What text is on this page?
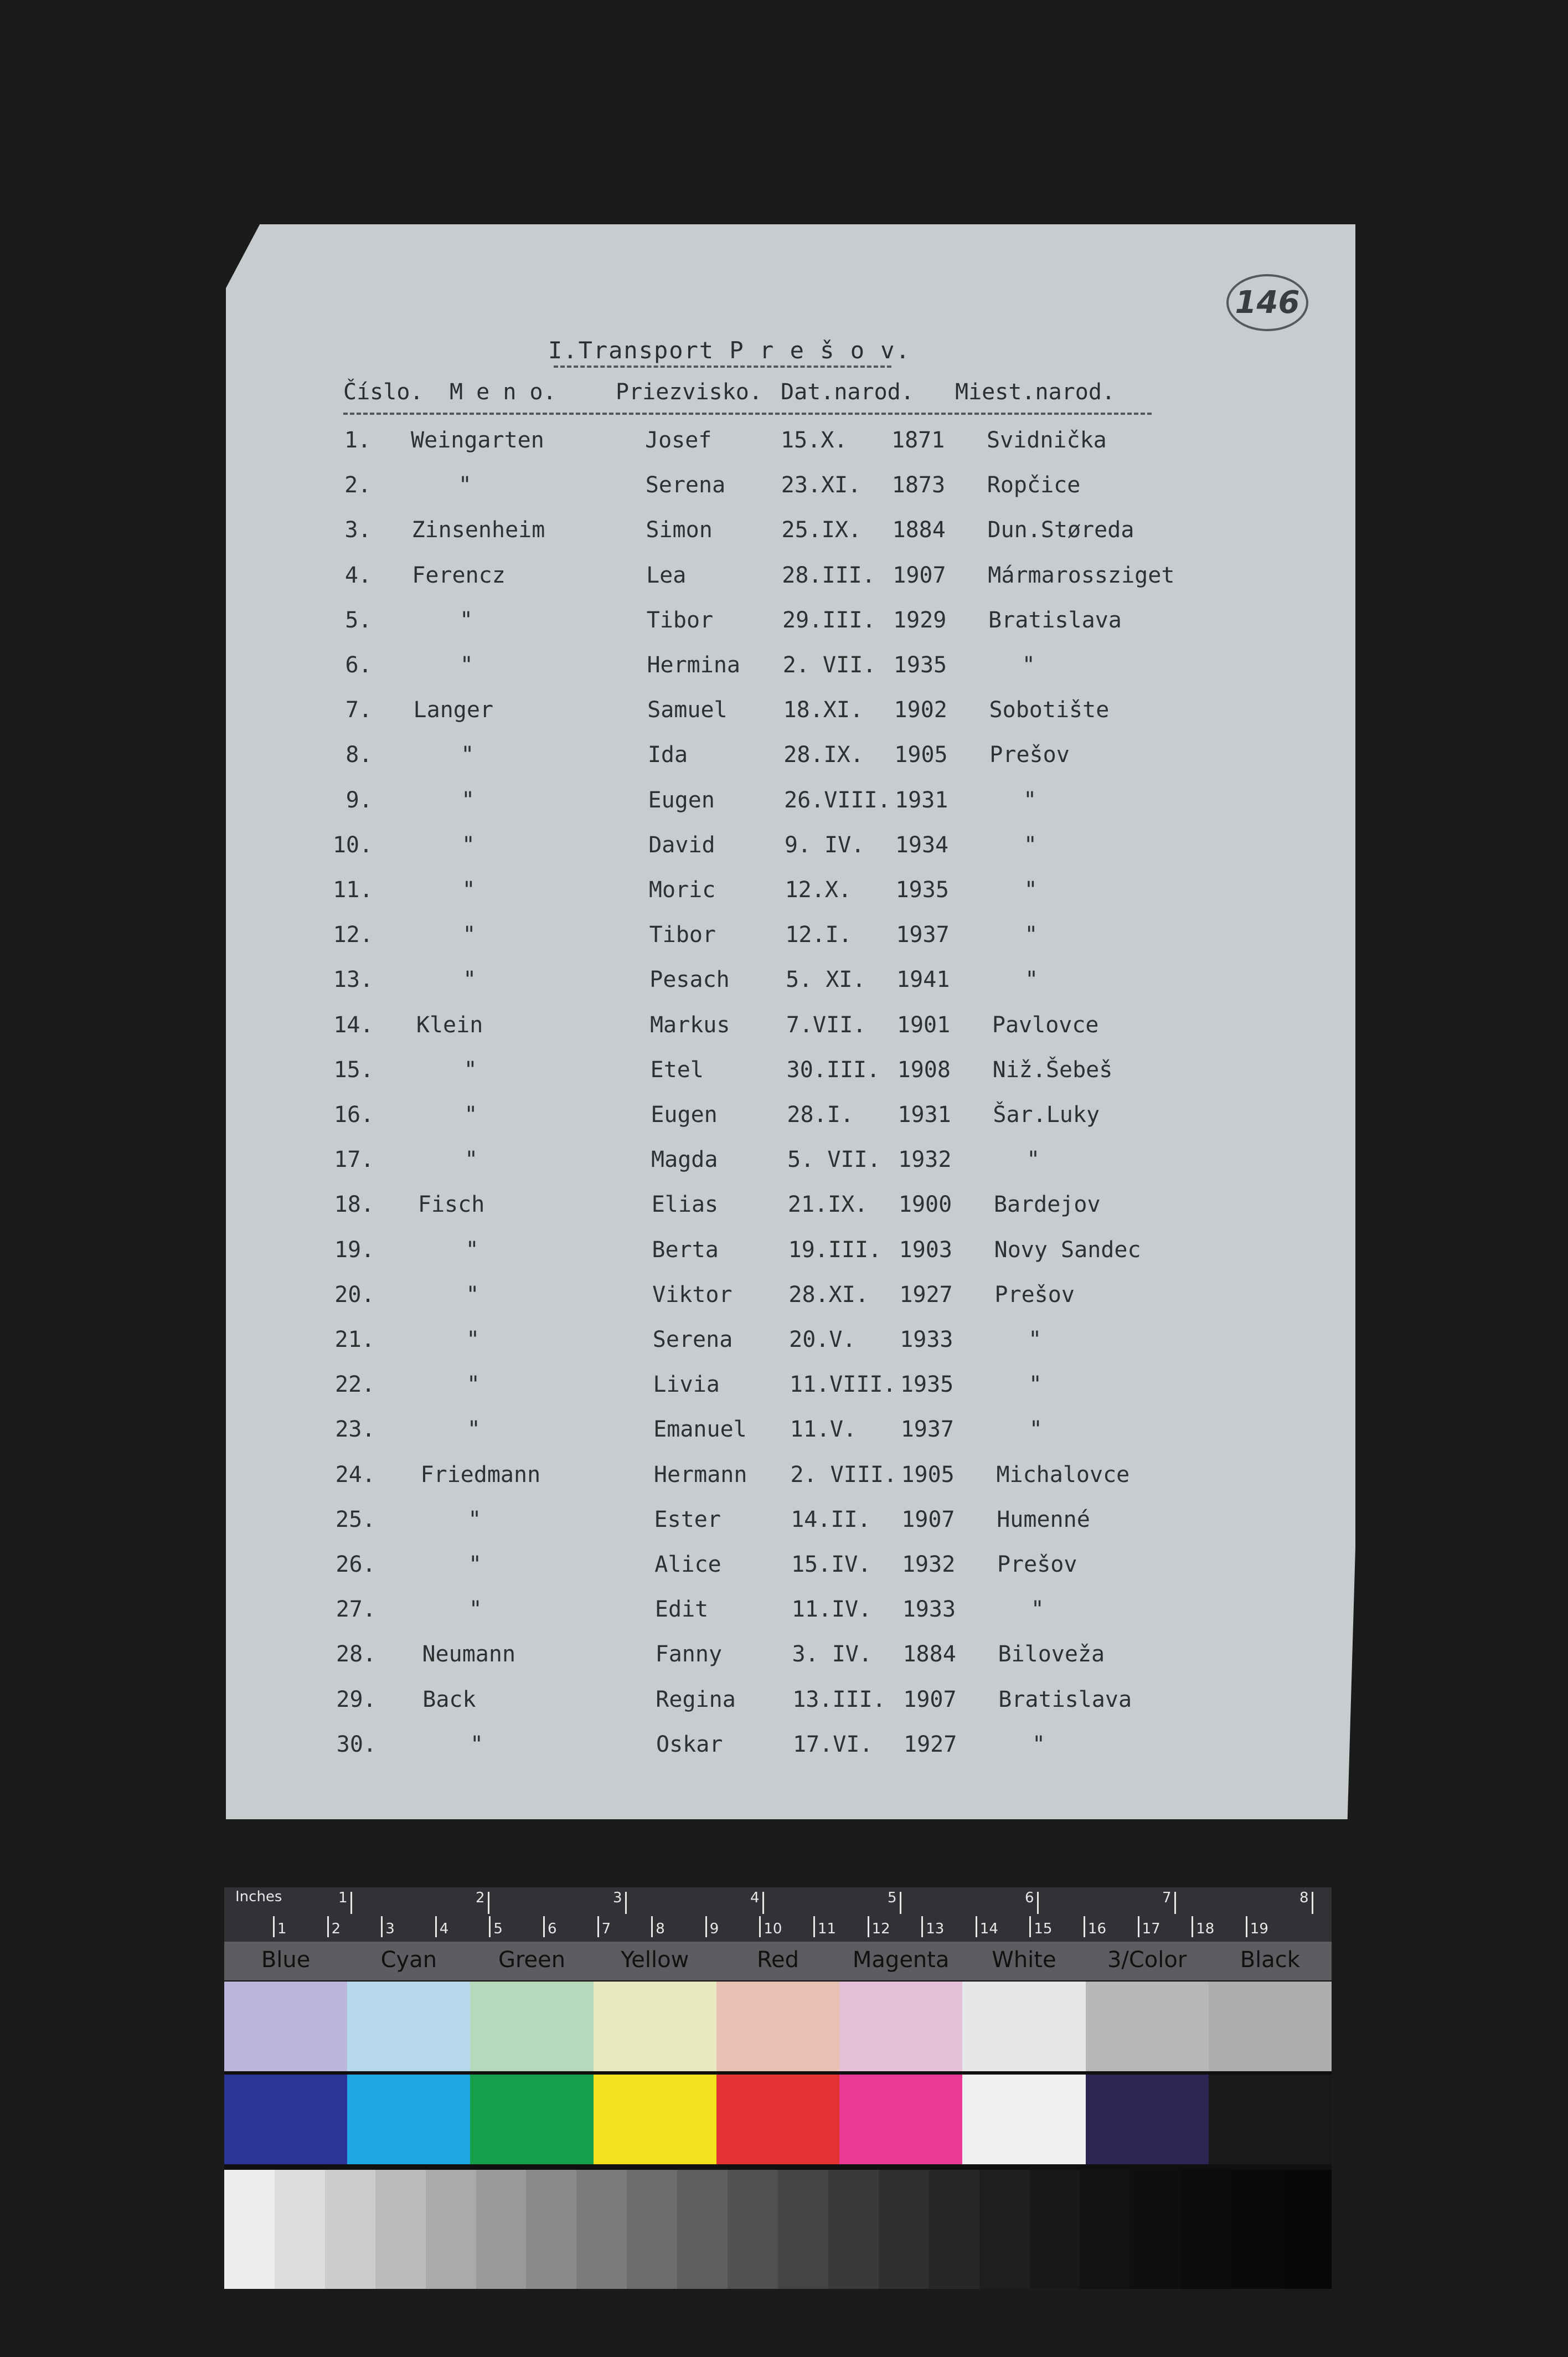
146
I.Transport P r e š o v.
Číslo. M e n o.	Priezvisko. Dat.narod. Miest.narod.
1. Weingarten	Josef	15.X. 1871 Svidnička
2.	"	Serena	23.XI. 1873 Ropčice
3. Zinsenheim	Simon	25.IX. 1884 Dun.Støreda
4. Ferencz	Lea	28.III. 1907 Mármarossziget
5.	"	Tibor	29.III. 1929 Bratislava
6.	"	Hermina 2. VII. 1935	"
7. Langer	Samuel	18.XI. 1902 Sobotište
8.	"	Ida	28.IX. 1905 Prešov
9.	"	Eugen	26.VIII. 1931	"
10.	"	David	9. IV. 1934	"
11.	"	Moric	12.X. 1935	"
12.	"	Tibor	12.I. 1937	"
13.	"	Pesach	5. XI. 1941	"
14. Klein	Markus	7.VII. 1901 Pavlovce
15.	"	Etel	30.III. 1908 Niž.Šebeš
16.	"	Eugen	28.I. 1931 Šar.Luky
17.	"	Magda	5. VII. 1932	"
18. Fisch	Elias	21.IX. 1900 Bardejov
19.	"	Berta	19.III. 1903 Novy Sandec
20.	"	Viktor	28.XI. 1927 Prešov
21.	"	Serena	20.V. 1933	"
22.	"	Livia	11.VIII. 1935	"
23.	"	Emanuel 11.V. 1937	"
24. Friedmann	Hermann 2. VIII. 1905 Michalovce
25.	"	Ester	14.II. 1907 Humenné
26.	"	Alice	15.IV. 1932 Prešov
27.	"	Edit	11.IV. 1933	"
28. Neumann	Fanny	3. IV. 1884 Biloveža
29. Back	Regina	13.III. 1907 Bratislava
30.	"	Oskar	17.VI. 1927	"
Inches	1	2	3	4	5	6	7	8
1	2	3	4	5	6	7	8	9	10 11 12 13 14 15 16 17 18 19
Blue	Cyan	Green	Yellow	Red	Magenta	White	3/Color	Black
